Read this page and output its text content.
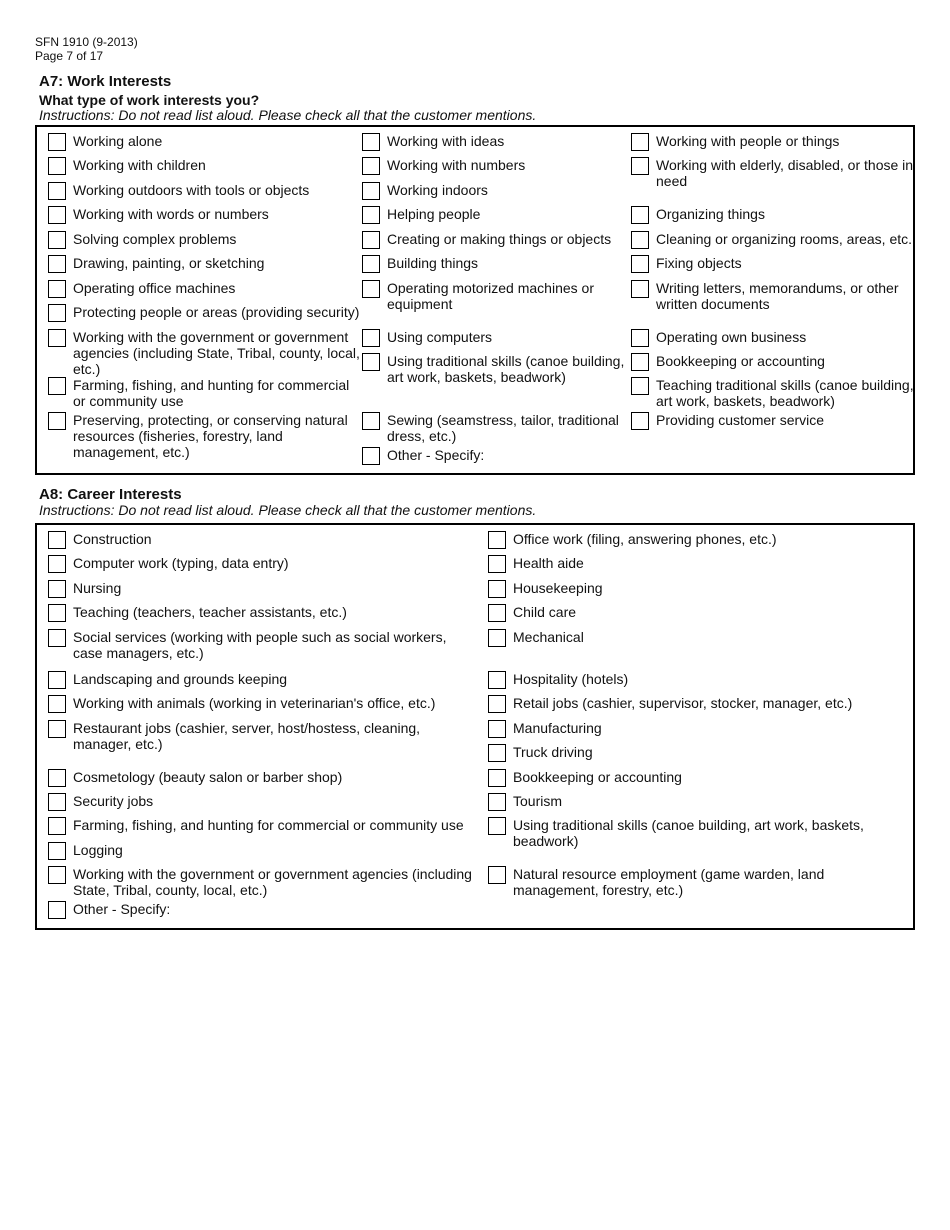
SFN 1910 (9-2013)
Page 7 of 17
A7: Work Interests
What type of work interests you?
Instructions: Do not read list aloud. Please check all that the customer mentions.
Working alone
Working with children
Working outdoors with tools or objects
Working with words or numbers
Solving complex problems
Drawing, painting, or sketching
Operating office machines
Protecting people or areas (providing security)
Working with the government or government agencies (including State, Tribal, county, local, etc.)
Farming, fishing, and hunting for commercial or community use
Preserving, protecting, or conserving natural resources (fisheries, forestry, land management, etc.)
Working with ideas
Working with numbers
Working indoors
Helping people
Creating or making things or objects
Building things
Operating motorized machines or equipment
Using computers
Using traditional skills (canoe building, art work, baskets, beadwork)
Sewing (seamstress, tailor, traditional dress, etc.)
Other - Specify:
Working with people or things
Working with elderly, disabled, or those in need
Organizing things
Cleaning or organizing rooms, areas, etc.
Fixing objects
Writing letters, memorandums, or other written documents
Operating own business
Bookkeeping or accounting
Teaching traditional skills (canoe building, art work, baskets, beadwork)
Providing customer service
A8: Career Interests
Instructions: Do not read list aloud. Please check all that the customer mentions.
Construction
Computer work (typing, data entry)
Nursing
Teaching (teachers, teacher assistants, etc.)
Social services (working with people such as social workers, case managers, etc.)
Landscaping and grounds keeping
Working with animals (working in veterinarian's office, etc.)
Restaurant jobs (cashier, server, host/hostess, cleaning, manager, etc.)
Cosmetology (beauty salon or barber shop)
Security jobs
Farming, fishing, and hunting for commercial or community use
Logging
Working with the government or government agencies (including State, Tribal, county, local, etc.)
Other - Specify:
Office work (filing, answering phones, etc.)
Health aide
Housekeeping
Child care
Mechanical
Hospitality (hotels)
Retail jobs (cashier, supervisor, stocker, manager, etc.)
Manufacturing
Truck driving
Bookkeeping or accounting
Tourism
Using traditional skills (canoe building, art work, baskets, beadwork)
Natural resource employment (game warden, land management, forestry, etc.)
